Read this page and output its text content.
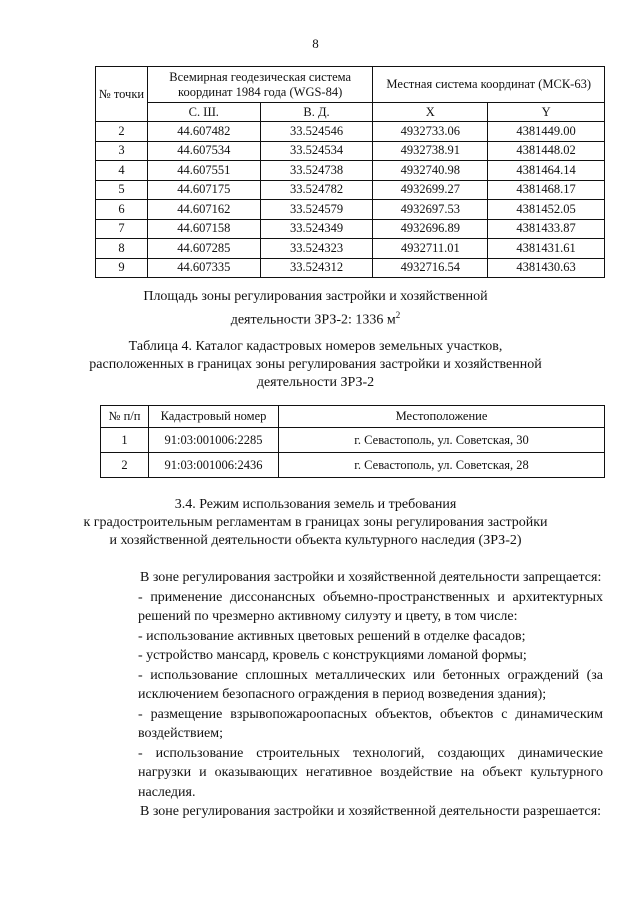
8
№ точки	Всемирная геодезическая система координат 1984 года (WGS-84)		Местная система координат (МСК-63)	
	С. Ш.	В. Д.	X	Y
2	44.607482	33.524546	4932733.06	4381449.00
3	44.607534	33.524534	4932738.91	4381448.02
4	44.607551	33.524738	4932740.98	4381464.14
5	44.607175	33.524782	4932699.27	4381468.17
6	44.607162	33.524579	4932697.53	4381452.05
7	44.607158	33.524349	4932696.89	4381433.87
8	44.607285	33.524323	4932711.01	4381431.61
9	44.607335	33.524312	4932716.54	4381430.63
Площадь зоны регулирования застройки и хозяйственной
деятельности ЗРЗ-2: 1336 $м^2$
Таблица 4. Каталог кадастровых номеров земельных участков,
расположенных в границах зоны регулирования застройки и хозяйственной
деятельности ЗРЗ-2
№ п/п	Кадастровый номер	Местоположение
1	91:03:001006:2285	г. Севастополь, ул. Советская, 30
2	91:03:001006:2436	г. Севастополь, ул. Советская, 28
3.4. Режим использования земель и требования
к градостроительным регламентам в границах зоны регулирования застройки
и хозяйственной деятельности объекта культурного наследия (ЗРЗ-2)
В зоне регулирования застройки и хозяйственной деятельности запрещается:
- применение диссонансных объемно-пространственных и архитектурных решений по чрезмерно активному силуэту и цвету, в том числе:
- использование активных цветовых решений в отделке фасадов;
- устройство мансард, кровель с конструкциями ломаной формы;
- использование сплошных металлических или бетонных ограждений (за исключением безопасного ограждения в период возведения здания);
- размещение взрывопожароопасных объектов, объектов с динамическим воздействием;
- использование строительных технологий, создающих динамические нагрузки и оказывающих негативное воздействие на объект культурного наследия.
В зоне регулирования застройки и хозяйственной деятельности разрешается:
